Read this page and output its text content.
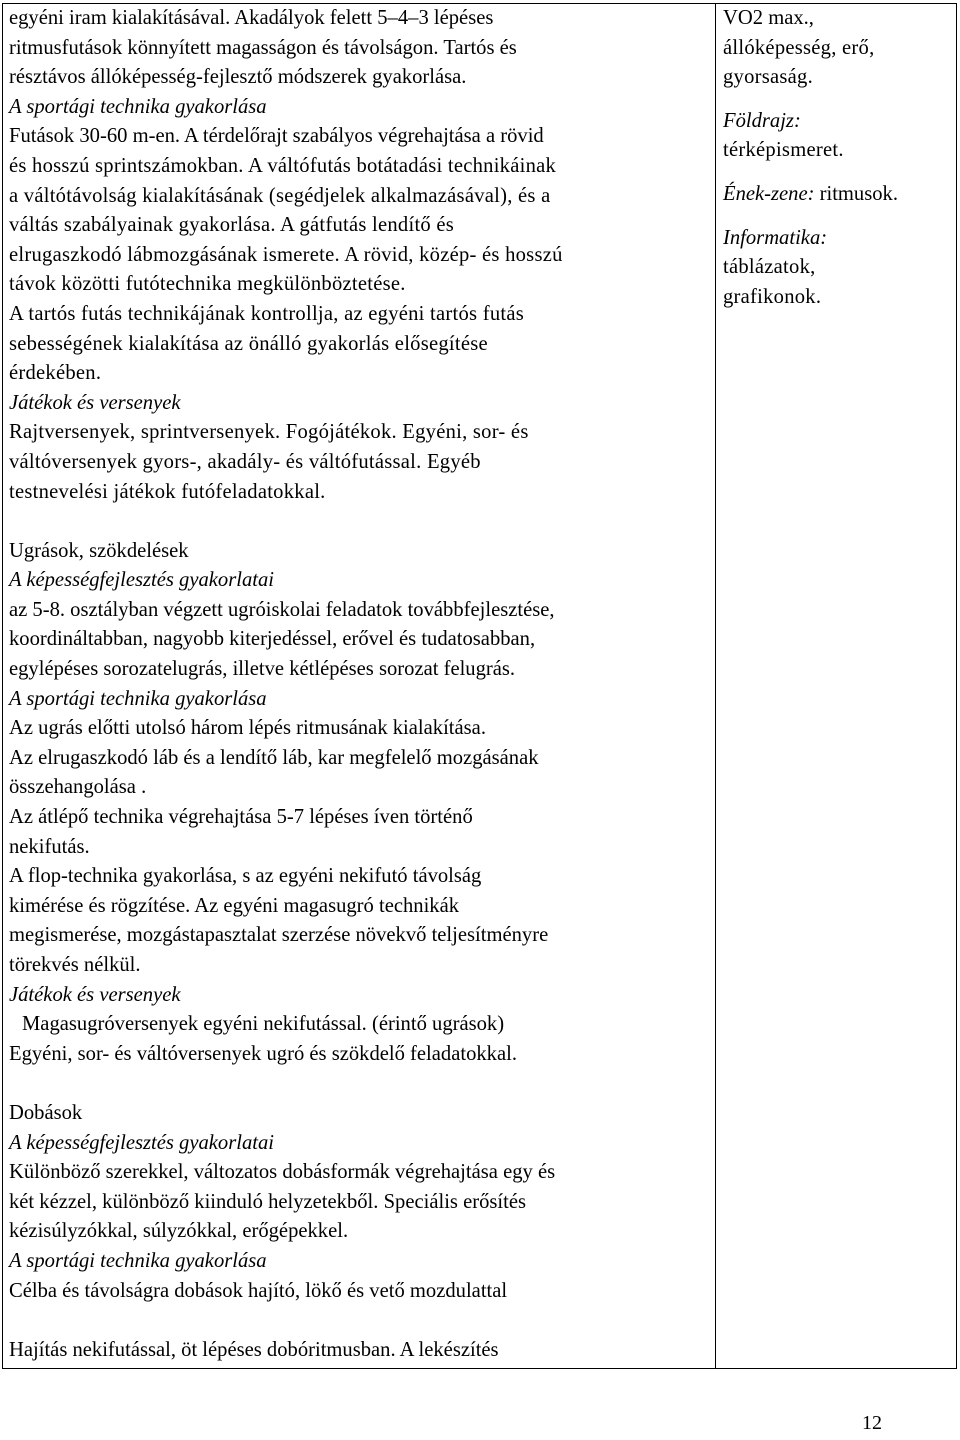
egyéni iram kialakításával. Akadályok felett 5–4–3 lépéses
ritmusfutások könnyített magasságon és távolságon. Tartós és
résztávos állóképesség-fejlesztő módszerek gyakorlása.
A sportági technika gyakorlása
Futások 30-60 m-en. A térdelőrajt szabályos végrehajtása a rövid
és hosszú sprintszámokban. A váltófutás botátadási technikáinak
a váltótávolság kialakításának (segédjelek alkalmazásával), és a
váltás szabályainak gyakorlása. A gátfutás lendítő és
elrugaszkodó lábmozgásának ismerete. A rövid, közép- és hosszú
távok közötti futótechnika megkülönböztetése.
A tartós futás technikájának kontrollja, az egyéni tartós futás
sebességének kialakítása az önálló gyakorlás elősegítése
érdekében.
Játékok és versenyek
Rajtversenyek, sprintversenyek. Fogójátékok. Egyéni, sor- és
váltóversenyek gyors-, akadály- és váltófutással. Egyéb
testnevelési játékok futófeladatokkal.
Ugrások, szökdelések
A képességfejlesztés gyakorlatai
az 5-8. osztályban végzett ugróiskolai feladatok továbbfejlesztése,
koordináltabban, nagyobb kiterjedéssel, erővel és tudatosabban,
egylépéses sorozatelugrás, illetve kétlépéses sorozat felugrás.
A sportági technika gyakorlása
Az ugrás előtti utolsó három lépés ritmusának kialakítása.
Az elrugaszkodó láb és a lendítő láb, kar megfelelő mozgásának
összehangolása .
Az átlépő technika végrehajtása 5-7 lépéses íven történő
nekifutás.
A flop-technika gyakorlása, s az egyéni nekifutó távolság
kimérése és rögzítése. Az egyéni magasugró technikák
megismerése, mozgástapasztalat szerzése növekvő teljesítményre
törekvés nélkül.
Játékok és versenyek
Magasugróversenyek egyéni nekifutással. (érintő ugrások)
Egyéni, sor- és váltóversenyek ugró és szökdelő feladatokkal.
Dobások
A képességfejlesztés gyakorlatai
Különböző szerekkel, változatos dobásformák végrehajtása egy és
két kézzel, különböző kiinduló helyzetekből. Speciális erősítés
kézisúlyzókkal, súlyzókkal, erőgépekkel.
A sportági technika gyakorlása
Célba és távolságra dobások hajító, lökő és vető mozdulattal
Hajítás nekifutással, öt lépéses dobóritmusban. A lekészítés
VO2 max.,
állóképesség, erő,
gyorsaság.
Földrajz:
térképismeret.
Ének-zene: ritmusok.
Informatika:
táblázatok,
grafikonok.
12
